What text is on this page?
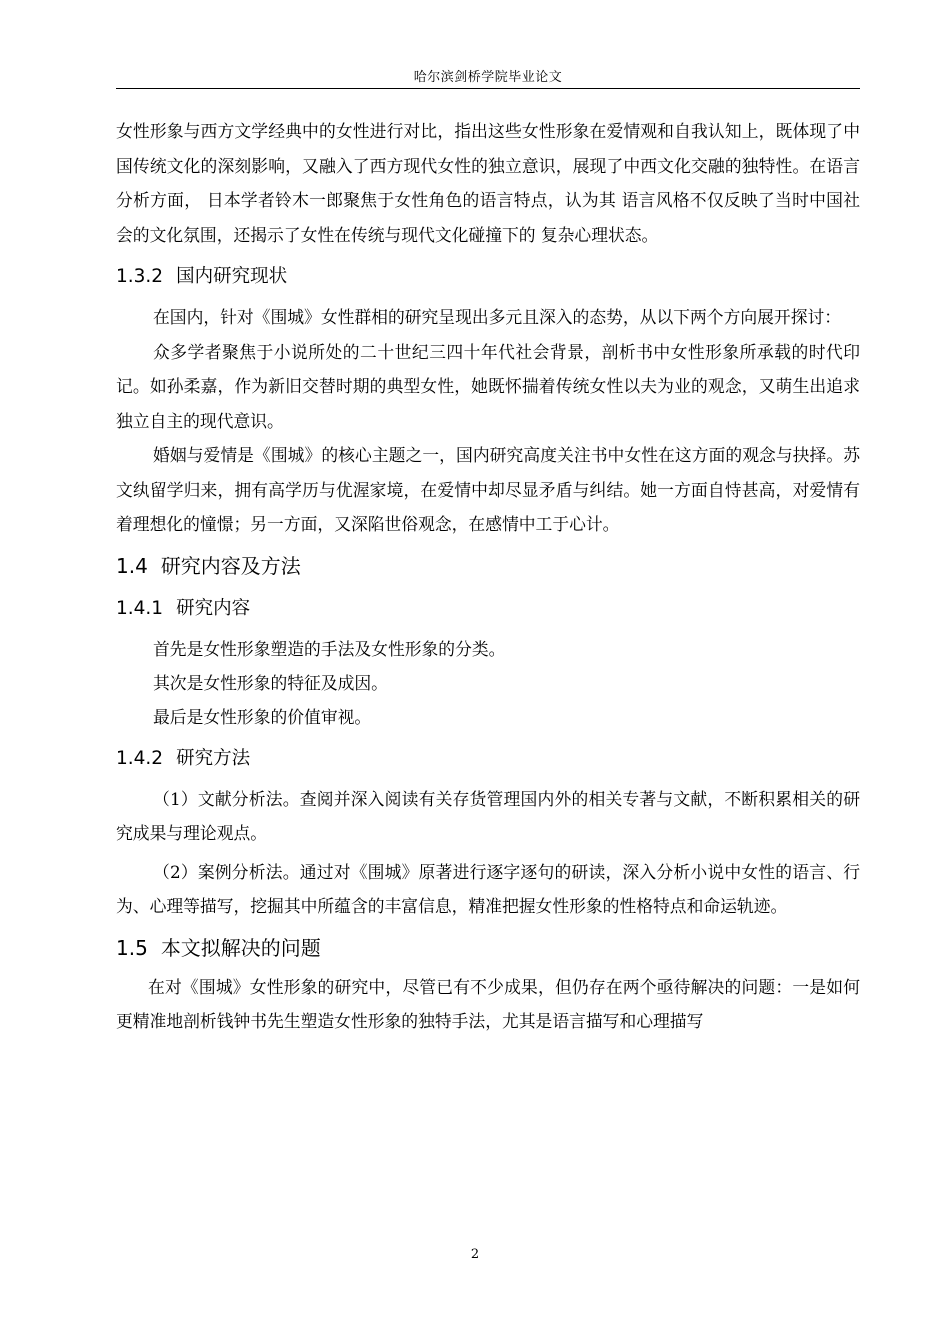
哈尔滨剑桥学院毕业论文

女性形象与西方文学经典中的女性进行对比，指出这些女性形象在爱情观和自我认知上，既体现了中国传统文化的深刻影响，又融入了西方现代女性的独立意识，展现了中西文化交融的独特性。在语言分析方面， 日本学者铃木一郎聚焦于女性角色的语言特点，认为其 语言风格不仅反映了当时中国社会的文化氛围，还揭示了女性在传统与现代文化碰撞下的 复杂心理状态。

1.3.2 国内研究现状

在国内，针对《围城》女性群相的研究呈现出多元且深入的态势，从以下两个方向展开探讨：

众多学者聚焦于小说所处的二十世纪三四十年代社会背景，剖析书中女性形象所承载的时代印记。如孙柔嘉，作为新旧交替时期的典型女性，她既怀揣着传统女性以夫为业的观念，又萌生出追求独立自主的现代意识。

婚姻与爱情是《围城》的核心主题之一，国内研究高度关注书中女性在这方面的观念与抉择。苏文纨留学归来，拥有高学历与优渥家境，在爱情中却尽显矛盾与纠结。她一方面自恃甚高，对爱情有着理想化的憧憬；另一方面，又深陷世俗观念，在感情中工于心计。

1.4 研究内容及方法
1.4.1 研究内容

首先是女性形象塑造的手法及女性形象的分类。

其次是女性形象的特征及成因。

最后是女性形象的价值审视。

1.4.2 研究方法

（1）文献分析法。查阅并深入阅读有关存货管理国内外的相关专著与文献，不断积累相关的研究成果与理论观点。

（2）案例分析法。通过对《围城》原著进行逐字逐句的研读，深入分析小说中女性的语言、行为、心理等描写，挖掘其中所蕴含的丰富信息，精准把握女性形象的性格特点和命运轨迹。

1.5 本文拟解决的问题

在对《围城》女性形象的研究中，尽管已有不少成果，但仍存在两个亟待解决的问题：一是如何更精准地剖析钱钟书先生塑造女性形象的独特手法，尤其是语言描写和心理描写

2
